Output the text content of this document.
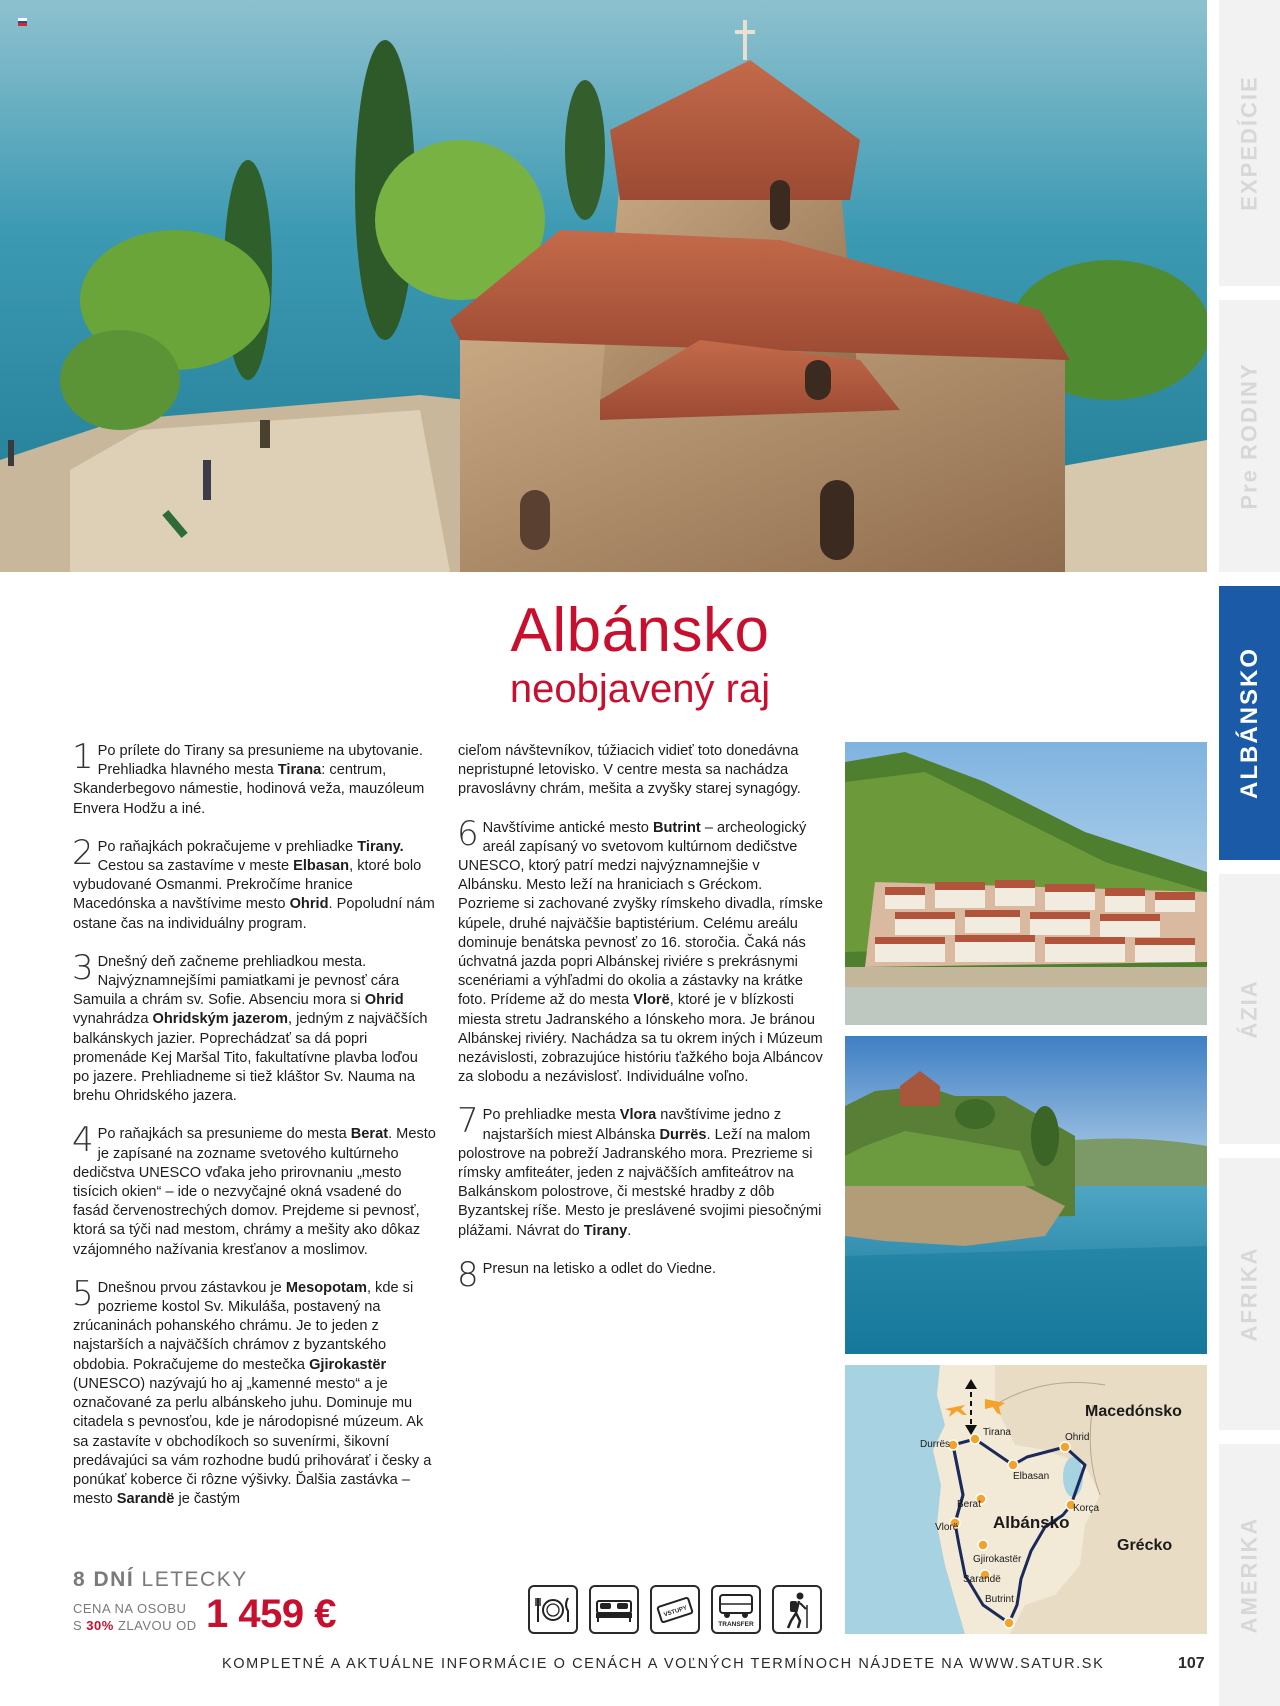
EXPEDÍCIE
Pre RODINY
ALBÁNSKO
ÁZIA
AFRIKA
AMERIKA
Albánsko
neobjavený raj
1 Po prílete do Tirany sa presunieme na ubytovanie. Prehliadka hlavného mesta Tirana: centrum, Skanderbegovo námestie, hodinová veža, mauzóleum Envera Hodžu a iné.

2 Po raňajkách pokračujeme v prehliadke Tirany. Cestou sa zastavíme v meste Elbasan, ktoré bolo vybudované Osmanmi. Prekročíme hranice Macedónska a navštívime mesto Ohrid. Popoludní nám ostane čas na individuálny program.

3 Dnešný deň začneme prehliadkou mesta. Najvýznamnejšími pamiatkami je pevnosť cára Samuila a chrám sv. Sofie. Absenciu mora si Ohrid vynahrádza Ohridským jazerom, jedným z najväčších balkánskych jazier. Poprechádzať sa dá popri promenáde Kej Maršal Tito, fakultatívne plavba loďou po jazere. Prehliadneme si tiež kláštor Sv. Nauma na brehu Ohridského jazera.

4 Po raňajkách sa presunieme do mesta Berat. Mesto je zapísané na zozname svetového kultúrneho dedičstva UNESCO vďaka jeho prirovnaniu „mesto tisícich okien“ – ide o nezvyčajné okná vsadené do fasád červenostrechých domov. Prejdeme si pevnosť, ktorá sa týči nad mestom, chrámy a mešity ako dôkaz vzájomného nažívania kresťanov a moslimov.

5 Dnešnou prvou zástavkou je Mesopotam, kde si pozrieme kostol Sv. Mikuláša, postavený na zrúcaninách pohanského chrámu. Je to jeden z najstarších a najväčších chrámov z byzantského obdobia. Pokračujeme do mestečka Gjirokastër (UNESCO) nazývajú ho aj „kamenné mesto“ a je označované za perlu albánskeho juhu. Dominuje mu citadela s pevnosťou, kde je národopisné múzeum. Ak sa zastavíte v obchodíkoch so suvenírmi, šikovní predávajúci sa vám rozhodne budú prihovárať i česky a ponúkať koberce či rôzne výšivky. Ďalšia zastávka – mesto Sarandë je častým

cieľom návštevníkov, túžiacich vidieť toto donedávna nepristupné letovisko. V centre mesta sa nachádza pravoslávny chrám, mešita a zvyšky starej synagógy.

6 Navštívime antické mesto Butrint – archeologický areál zapísaný vo svetovom kultúrnom dedičstve UNESCO, ktorý patrí medzi najvýznamnejšie v Albánsku. Mesto leží na hraniciach s Gréckom. Pozrieme si zachované zvyšky rímskeho divadla, rímske kúpele, druhé najväčšie baptistérium. Celému areálu dominuje benátska pevnosť zo 16. storočia. Čaká nás úchvatná jazda popri Albánskej riviére s prekrásnymi scenériami a výhľadmi do okolia a zástavky na krátke foto. Prídeme až do mesta Vlorë, ktoré je v blízkosti miesta stretu Jadranského a Iónskeho mora. Je bránou Albánskej riviéry. Nachádza sa tu okrem iných i Múzeum nezávislosti, zobrazujúce históriu ťažkého boja Albáncov za slobodu a nezávislosť. Individuálne voľno.

7 Po prehliadke mesta Vlora navštívime jedno z najstarších miest Albánska Durrës. Leží na malom polostrove na pobreží Jadranského mora. Prezrieme si rímsky amfiteáter, jeden z najväčších amfiteátrov na Balkánskom polostrove, či mestské hradby z dôb Byzantskej ríše. Mesto je preslávené svojimi piesočnými plážami. Návrat do Tirany.

8 Presun na letisko a odlet do Viedne.

Macedónsko
Albánsko
Grécko
Tirana	Ohrid
Durrës
Elbasan
Berat	Korça
Vlorë
Gjirokastër
Sarandë
Butrint
8 DNÍ LETECKY
CENA NA OSOBU
S 30% ZLAVOU OD 1 459 €	VSTUPY
TRANSFER
KOMPLETNÉ A AKTUÁLNE INFORMÁCIE O CENÁCH A VOĽNÝCH TERMÍNOCH NÁJDETE NA WWW.SATUR.SK	107
